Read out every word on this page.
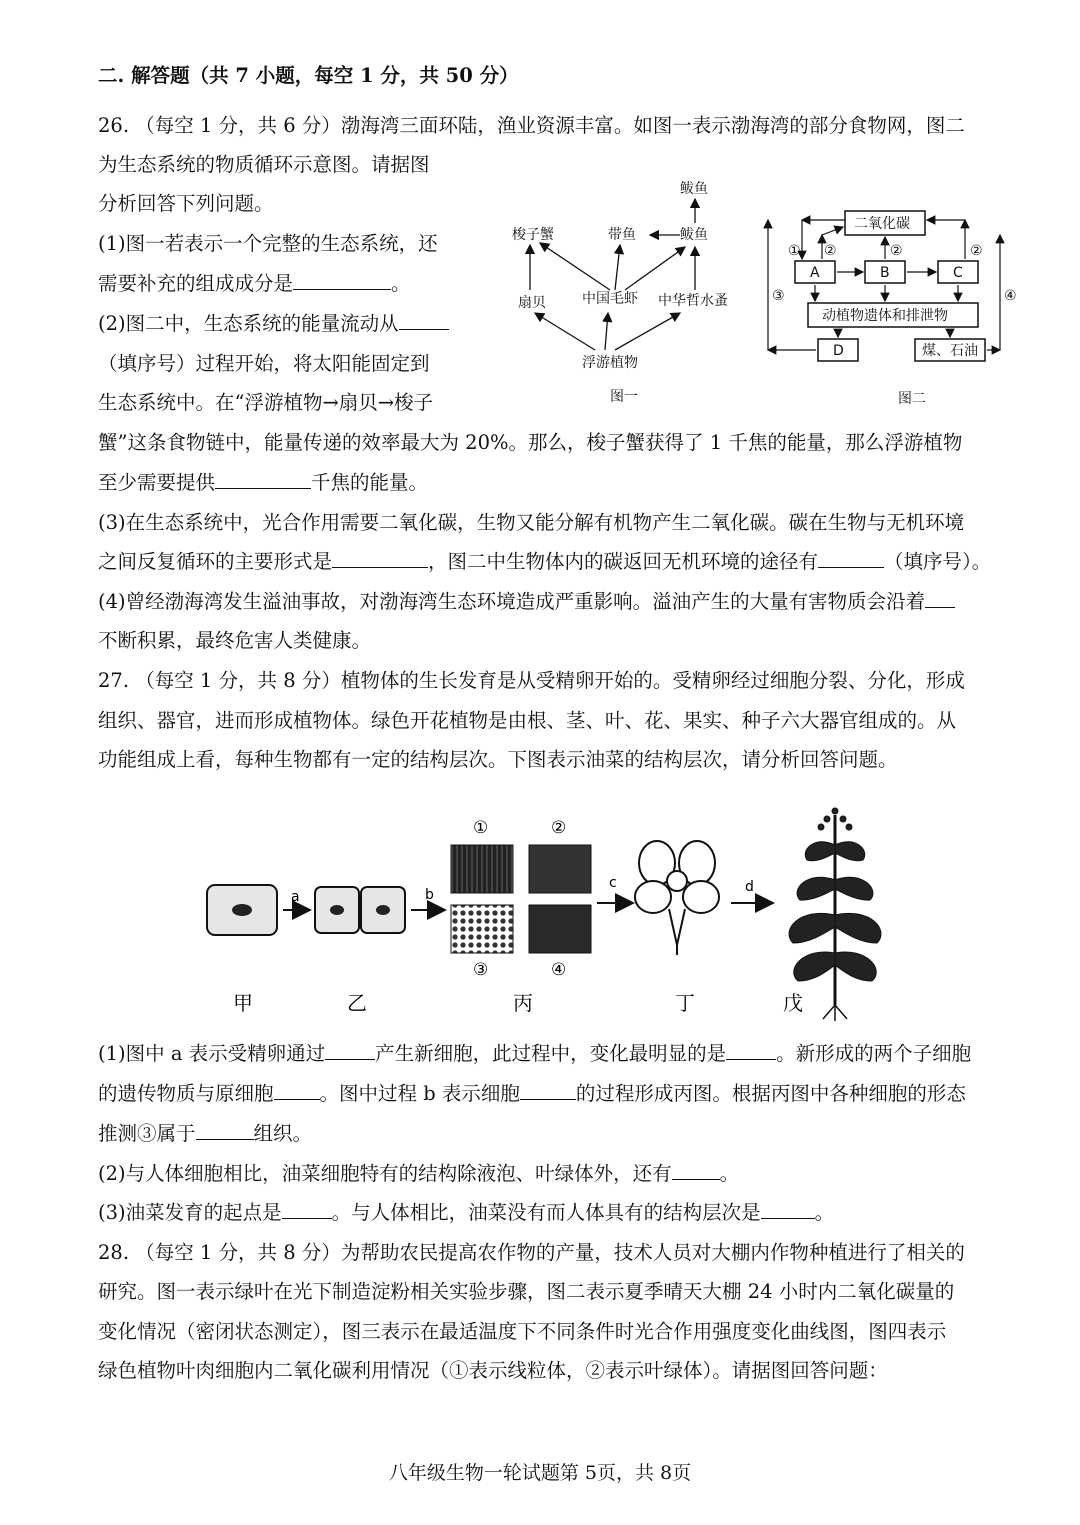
二. 解答题（共 7 小题，每空 1 分，共 50 分）
26. （每空 1 分，共 6 分）渤海湾三面环陆，渔业资源丰富。如图一表示渤海湾的部分食物网，图二
为生态系统的物质循环示意图。请据图
分析回答下列问题。
(1)图一若表示一个完整的生态系统，还
需要补充的组成成分是	。
(2)图二中，生态系统的能量流动从
（填序号）过程开始，将太阳能固定到
生态系统中。在“浮游植物→扇贝→梭子
蟹”这条食物链中，能量传递的效率最大为 20%。那么，梭子蟹获得了 1 千焦的能量，那么浮游植物
至少需要提供	千焦的能量。
(3)在生态系统中，光合作用需要二氧化碳，生物又能分解有机物产生二氧化碳。碳在生物与无机环境
之间反复循环的主要形式是	，图二中生物体内的碳返回无机环境的途径有	（填序号）。
(4)曾经渤海湾发生溢油事故，对渤海湾生态环境造成严重影响。溢油产生的大量有害物质会沿着
不断积累，最终危害人类健康。
鲅鱼
梭子蟹	带鱼	鲅鱼
扇贝	中国毛虾 中华哲水蚤
浮游植物
图一
二氧化碳
A	B	C
动植物遗体和排泄物
D	煤、石油
① ②	②	②
③	④
图二
27. （每空 1 分，共 8 分）植物体的生长发育是从受精卵开始的。受精卵经过细胞分裂、分化，形成
组织、器官，进而形成植物体。绿色开花植物是由根、茎、叶、花、果实、种子六大器官组成的。从
功能组成上看，每种生物都有一定的结构层次。下图表示油菜的结构层次，请分析回答问题。
a	b
①	②
③	④
c	d
甲	乙	丙	丁	戊
(1)图中 a 表示受精卵通过	产生新细胞，此过程中，变化最明显的是	。新形成的两个子细胞
的遗传物质与原细胞 。图中过程 b 表示细胞	的过程形成丙图。根据丙图中各种细胞的形态
推测③属于	组织。
(2)与人体细胞相比，油菜细胞特有的结构除液泡、叶绿体外，还有 。
(3)油菜发育的起点是	。与人体相比，油菜没有而人体具有的结构层次是	。
28. （每空 1 分，共 8 分）为帮助农民提高农作物的产量，技术人员对大棚内作物种植进行了相关的
研究。图一表示绿叶在光下制造淀粉相关实验步骤，图二表示夏季晴天大棚 24 小时内二氧化碳量的
变化情况（密闭状态测定），图三表示在最适温度下不同条件时光合作用强度变化曲线图，图四表示
绿色植物叶肉细胞内二氧化碳利用情况（①表示线粒体，②表示叶绿体）。请据图回答问题：
八年级生物一轮试题第 5页，共 8页
